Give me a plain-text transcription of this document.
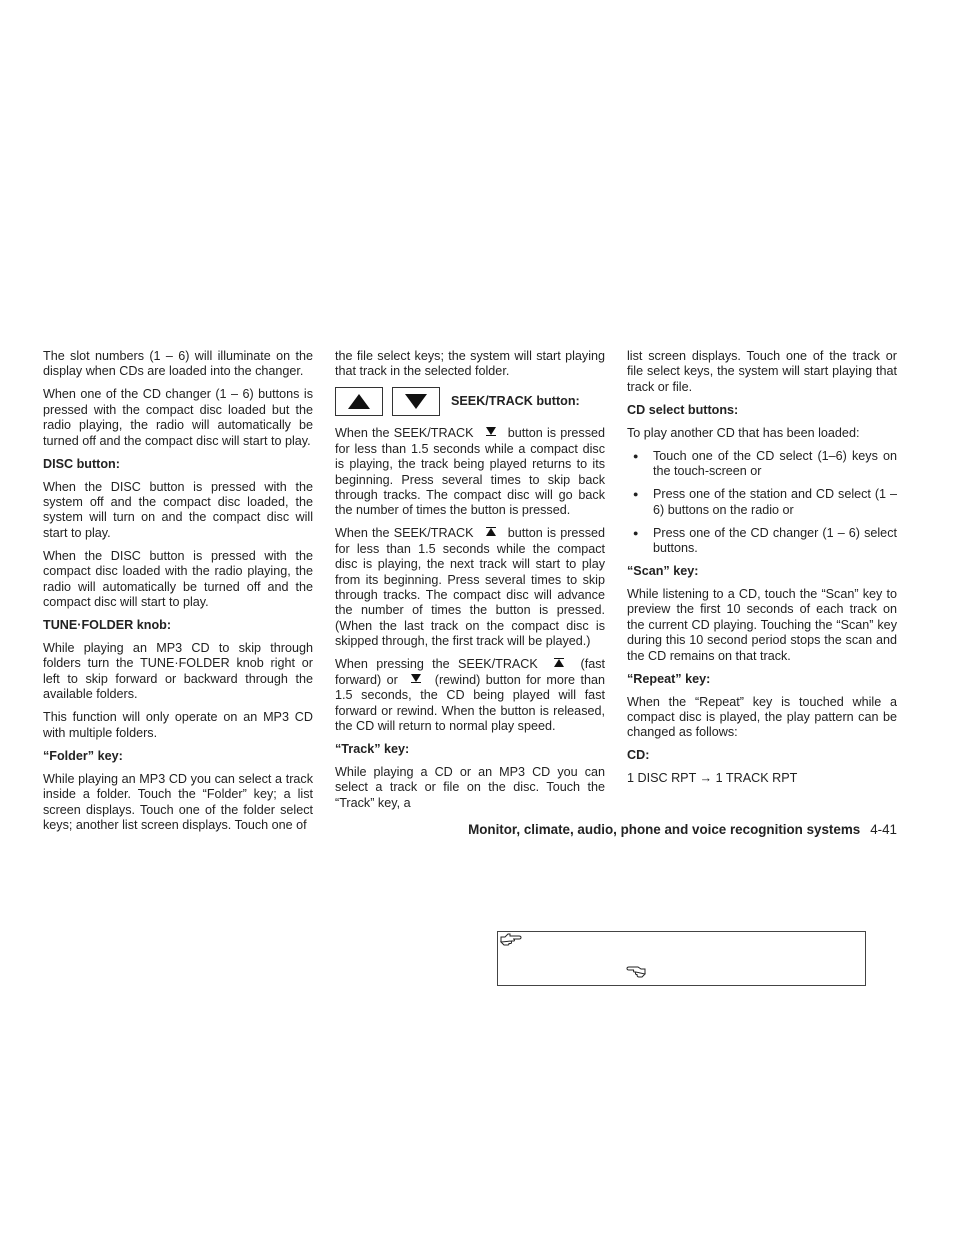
The slot numbers (1 – 6) will illuminate on the display when CDs are loaded into the changer.

When one of the CD changer (1 – 6) buttons is pressed with the compact disc loaded but the radio playing, the radio will automatically be turned off and the compact disc will start to play.

DISC button:

When the DISC button is pressed with the system off and the compact disc loaded, the system will turn on and the compact disc will start to play.

When the DISC button is pressed with the compact disc loaded with the radio playing, the radio will automatically be turned off and the compact disc will start to play.

TUNE·FOLDER knob:

While playing an MP3 CD to skip through folders turn the TUNE·FOLDER knob right or left to skip forward or backward through the available folders.

This function will only operate on an MP3 CD with multiple folders.

“Folder” key:

While playing an MP3 CD you can select a track inside a folder. Touch the “Folder” key; a list screen displays. Touch one of the folder select keys; another list screen displays. Touch one of

the file select keys; the system will start playing that track in the selected folder.

SEEK/TRACK button:

When the SEEK/TRACK	button is pressed for less than 1.5 seconds while a compact disc is playing, the track being played returns to its beginning. Press several times to skip back through tracks. The compact disc will go back the number of times the button is pressed.

When the SEEK/TRACK	button is pressed for less than 1.5 seconds while the compact disc is playing, the next track will start to play from its beginning. Press several times to skip through tracks. The compact disc will advance the number of times the button is pressed. (When the last track on the compact disc is skipped through, the first track will be played.)

When pressing the SEEK/TRACK	(fast forward) or	(rewind) button for more than 1.5 seconds, the CD being played will fast forward or rewind. When the button is released, the CD will return to normal play speed.

“Track” key:

While playing a CD or an MP3 CD you can select a track or file on the disc. Touch the “Track” key, a

list screen displays. Touch one of the track or file select keys, the system will start playing that track or file.

CD select buttons:

To play another CD that has been loaded:

● Touch one of the CD select (1–6) keys on the touch-screen or
● Press one of the station and CD select (1 – 6) buttons on the radio or
● Press one of the CD changer (1 – 6) select buttons.
“Scan” key:

While listening to a CD, touch the “Scan” key to preview the first 10 seconds of each track on the current CD playing. Touching the “Scan” key during this 10 second period stops the scan and the CD remains on that track.

“Repeat” key:

When the “Repeat” key is touched while a compact disc is played, the play pattern can be changed as follows:

CD:

1 DISC RPT → 1 TRACK RPT

Monitor, climate, audio, phone and voice recognition systems 4-41
